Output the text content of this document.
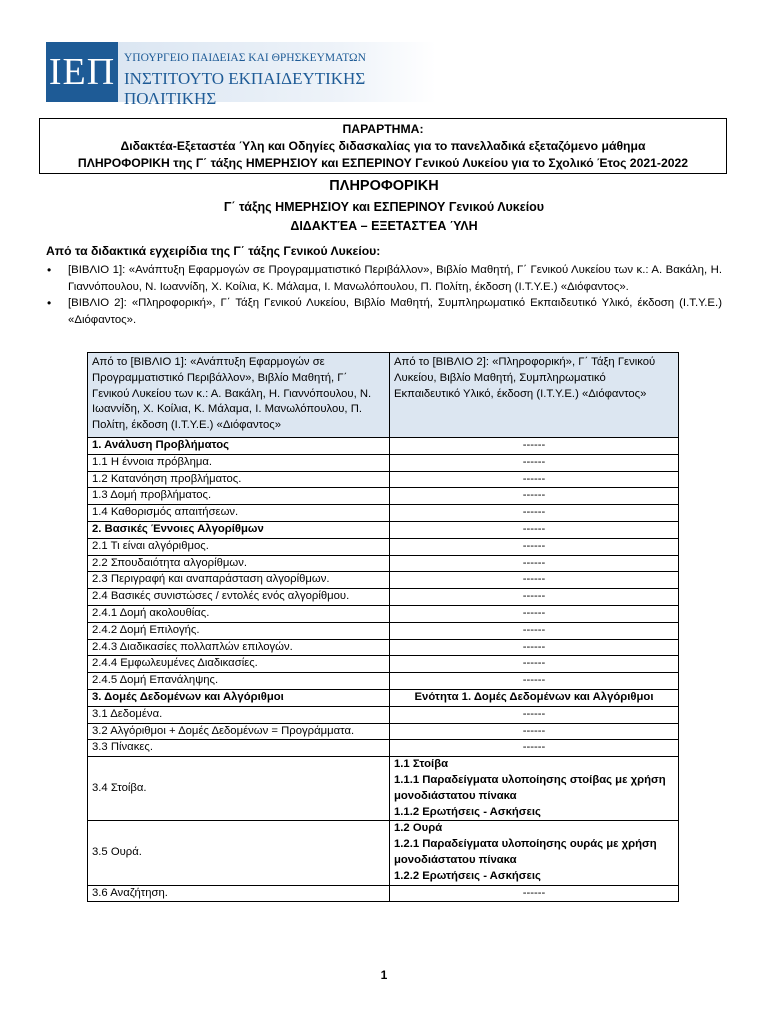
ΙΕΠ ΥΠΟΥΡΓΕΙΟ ΠΑΙΔΕΙΑΣ ΚΑΙ ΘΡΗΣΚΕΥΜΑΤΩΝ
ΙΝΣΤΙΤΟΥΤΟ ΕΚΠΑΙΔΕΥΤΙΚΗΣ ΠΟΛΙΤΙΚΗΣ
ΠΑΡΑΡΤΗΜΑ:
Διδακτέα-Εξεταστέα Ύλη και Οδηγίες διδασκαλίας για το πανελλαδικά εξεταζόμενο μάθημα
ΠΛΗΡΟΦΟΡΙΚΗ της Γ΄ τάξης ΗΜΕΡΗΣΙΟΥ και ΕΣΠΕΡΙΝΟΥ Γενικού Λυκείου για το Σχολικό Έτος 2021-2022
ΠΛΗΡΟΦΟΡΙΚΗ
Γ΄ τάξης ΗΜΕΡΗΣΙΟΥ και ΕΣΠΕΡΙΝΟΥ Γενικού Λυκείου
ΔΙΔΑΚΤΈΑ – ΕΞΕΤΑΣΤΈΑ ΎΛΗ
Από τα διδακτικά εγχειρίδια της Γ΄ τάξης Γενικού Λυκείου:
• [ΒΙΒΛΙΟ 1]: «Ανάπτυξη Εφαρμογών σε Προγραμματιστικό Περιβάλλον», Βιβλίο Μαθητή, Γ΄ Γενικού Λυκείου των κ.: Α. Βακάλη, Η. Γιαννόπουλου, Ν. Ιωαννίδη, Χ. Κοίλια, Κ. Μάλαμα, Ι. Μανωλόπουλου, Π. Πολίτη, έκδοση (Ι.Τ.Υ.Ε.) «Διόφαντος».
• [ΒΙΒΛΙΟ 2]: «Πληροφορική», Γ΄ Τάξη Γενικού Λυκείου, Βιβλίο Μαθητή, Συμπληρωματικό Εκπαιδευτικό Υλικό, έκδοση (Ι.Τ.Υ.Ε.) «Διόφαντος».
Από το [ΒΙΒΛΙΟ 1]: «Ανάπτυξη Εφαρμογών σε Προγραμματιστικό Περιβάλλον», Βιβλίο Μαθητή, Γ΄ Γενικού Λυκείου των κ.: Α. Βακάλη, Η. Γιαννόπουλου, Ν. Ιωαννίδη, Χ. Κοίλια, Κ. Μάλαμα, Ι. Μανωλόπουλου, Π. Πολίτη, έκδοση (Ι.Τ.Υ.Ε.) «Διόφαντος»	Από το [ΒΙΒΛΙΟ 2]: «Πληροφορική», Γ΄ Τάξη Γενικού Λυκείου, Βιβλίο Μαθητή, Συμπληρωματικό Εκπαιδευτικό Υλικό, έκδοση (Ι.Τ.Υ.Ε.) «Διόφαντος»
1. Ανάλυση Προβλήματος	------

1.1 Η έννοια πρόβλημα.	------

1.2 Κατανόηση προβλήματος.	------

1.3 Δομή προβλήματος.	------

1.4 Καθορισμός απαιτήσεων.	------

2. Βασικές Έννοιες Αλγορίθμων	------

2.1 Τι είναι αλγόριθμος.	------

2.2 Σπουδαιότητα αλγορίθμων.	------

2.3 Περιγραφή και αναπαράσταση αλγορίθμων.	------

2.4 Βασικές συνιστώσες / εντολές ενός αλγορίθμου.	------

2.4.1 Δομή ακολουθίας.	------

2.4.2 Δομή Επιλογής.	------

2.4.3 Διαδικασίες πολλαπλών επιλογών.	------

2.4.4 Εμφωλευμένες Διαδικασίες.	------

2.4.5 Δομή Επανάληψης.	------

3. Δομές Δεδομένων και Αλγόριθμοι	Ενότητα 1. Δομές Δεδομένων και Αλγόριθμοι

3.1 Δεδομένα.	------

3.2 Αλγόριθμοι + Δομές Δεδομένων = Προγράμματα.	------

3.3 Πίνακες.	------

3.4 Στοίβα.	1.1 Στοίβα
1.1.1 Παραδείγματα υλοποίησης στοίβας με χρήση μονοδιάστατου πίνακα
1.1.2 Ερωτήσεις - Ασκήσεις

3.5 Ουρά.	1.2 Ουρά
1.2.1 Παραδείγματα υλοποίησης ουράς με χρήση μονοδιάστατου πίνακα
1.2.2 Ερωτήσεις - Ασκήσεις

3.6 Αναζήτηση.	------
1
